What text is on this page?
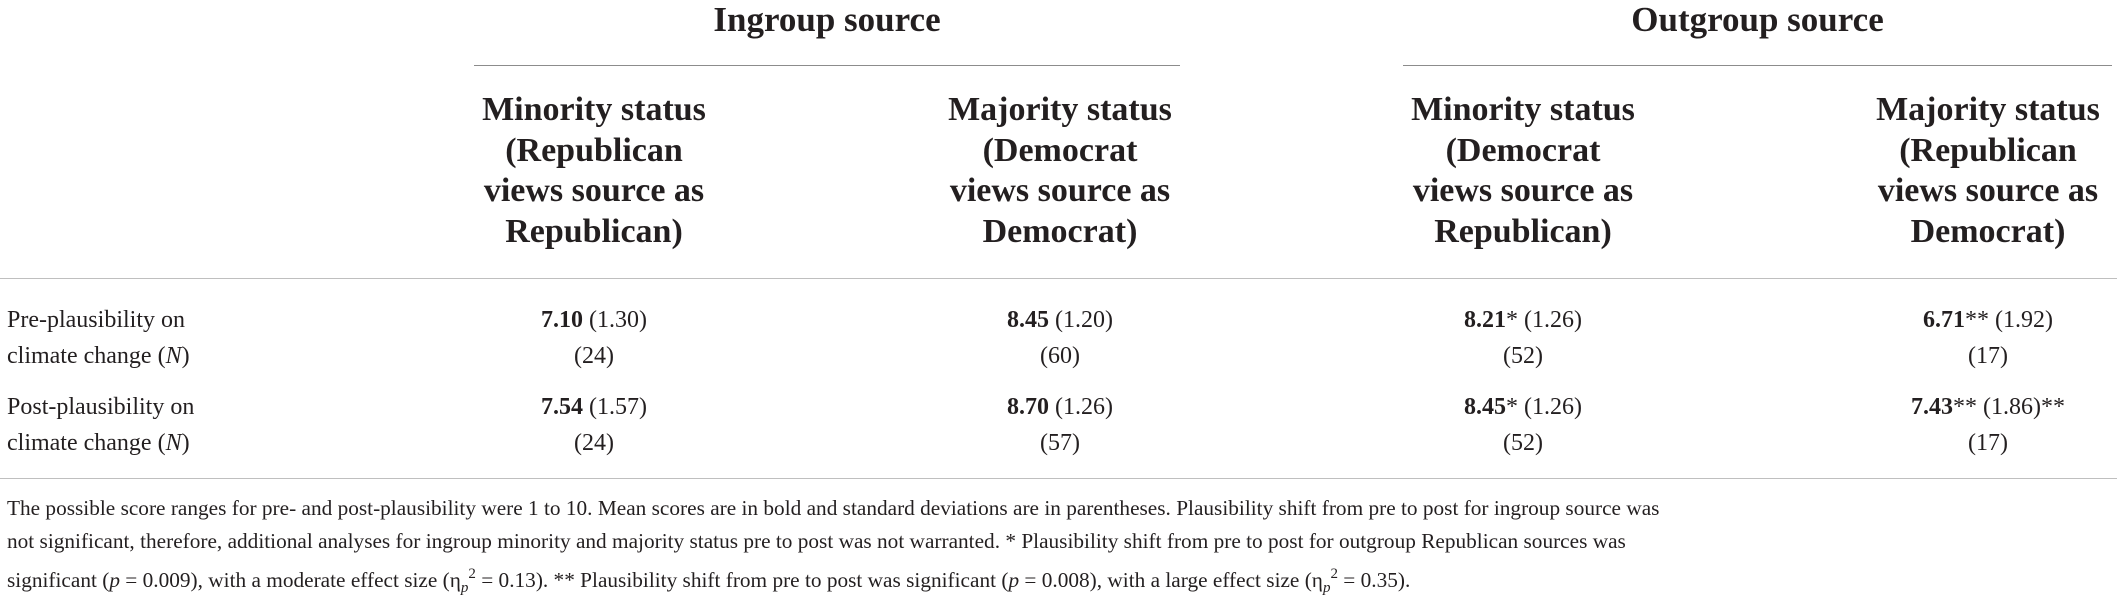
Ingroup source	Outgroup source
Minority status
(Republican
views source as
Republican)
Majority status
(Democrat
views source as
Democrat)
Minority status
(Democrat
views source as
Republican)
Majority status
(Republican
views source as
Democrat)
Pre-plausibility on
climate change (N)
7.10 (1.30)
(24)
8.45 (1.20)
(60)
8.21* (1.26)
(52)
6.71** (1.92)
(17)
Post-plausibility on
climate change (N)
7.54 (1.57)
(24)
8.70 (1.26)
(57)
8.45* (1.26)
(52)
7.43** (1.86)**
(17)

The possible score ranges for pre- and post-plausibility were 1 to 10. Mean scores are in bold and standard deviations are in parentheses. Plausibility shift from pre to post for ingroup source was

not significant, therefore, additional analyses for ingroup minority and majority status pre to post was not warranted. * Plausibility shift from pre to post for outgroup Republican sources was

significant (p = 0.009), with a moderate effect size $(\eta_p^2 = 0.13)$. ** Plausibility shift from pre to post was significant (p = 0.008), with a large effect size $(\eta_p^2 = 0.35)$.
